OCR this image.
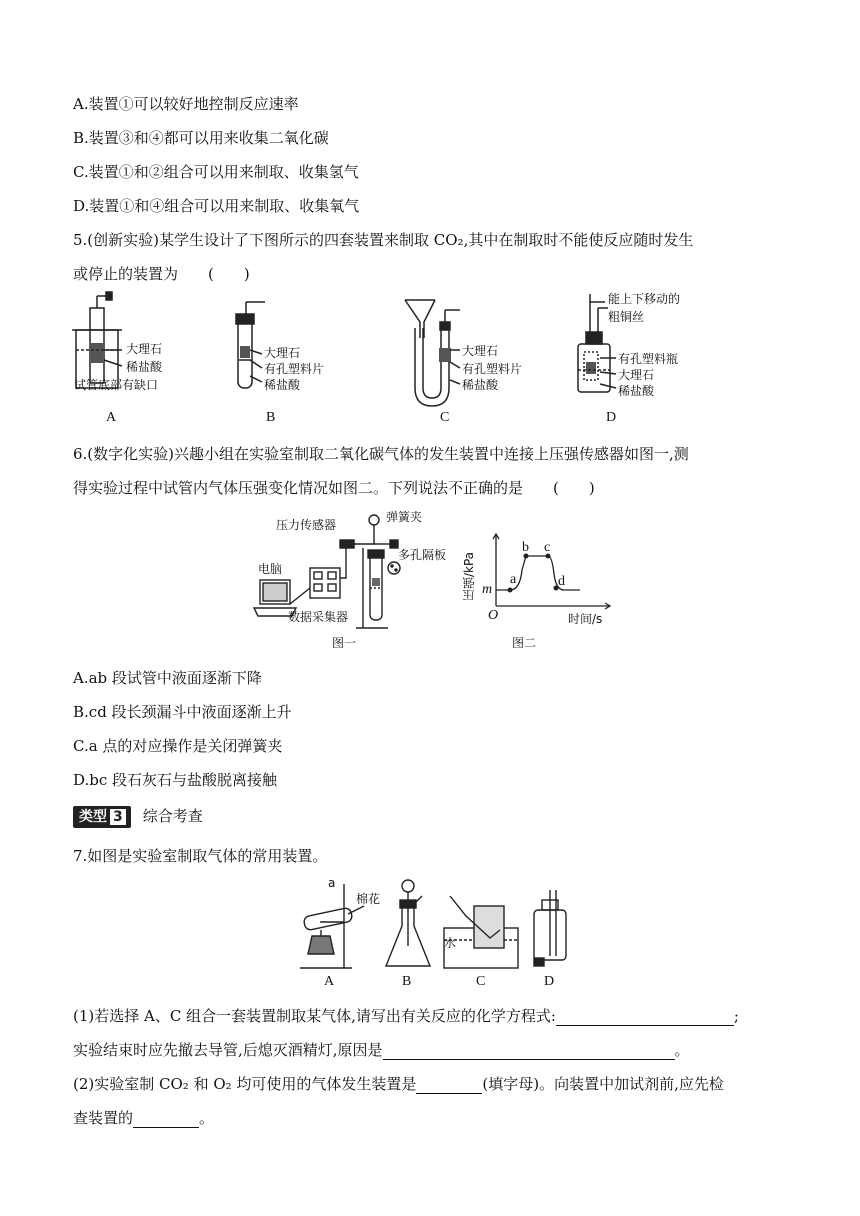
A.装置①可以较好地控制反应速率
B.装置③和④都可以用来收集二氧化碳
C.装置①和②组合可以用来制取、收集氢气
D.装置①和④组合可以用来制取、收集氧气
5.(创新实验)某学生设计了下图所示的四套装置来制取 CO₂,其中在制取时不能使反应随时发生
或停止的装置为 (　　)
大理石
稀盐酸
试管底部有缺口
A
大理石
有孔塑料片
稀盐酸
B
大理石
有孔塑料片
稀盐酸
C
能上下移动的
粗铜丝
有孔塑料瓶
大理石
稀盐酸
D
6.(数字化实验)兴趣小组在实验室制取二氧化碳气体的发生装置中连接上压强传感器如图一,测
得实验过程中试管内气体压强变化情况如图二。下列说法不正确的是 (　　)
压力传感器
弹簧夹
多孔隔板
电脑
数据采集器
图一
压强/kPa m
O
a
b c
d
时间/s
图二
A.ab 段试管中液面逐渐下降
B.cd 段长颈漏斗中液面逐渐上升
C.a 点的对应操作是关闭弹簧夹
D.bc 段石灰石与盐酸脱离接触
类型 3 综合考查
7.如图是实验室制取气体的常用装置。
a
棉花
水
A	B	C	D
(1)若选择 A、C 组合一套装置制取某气体,请写出有关反应的化学方程式:	;
实验结束时应先撤去导管,后熄灭酒精灯,原因是	。
(2)实验室制 CO₂ 和 O₂ 均可使用的气体发生装置是	(填字母)。向装置中加试剂前,应先检
查装置的	。
